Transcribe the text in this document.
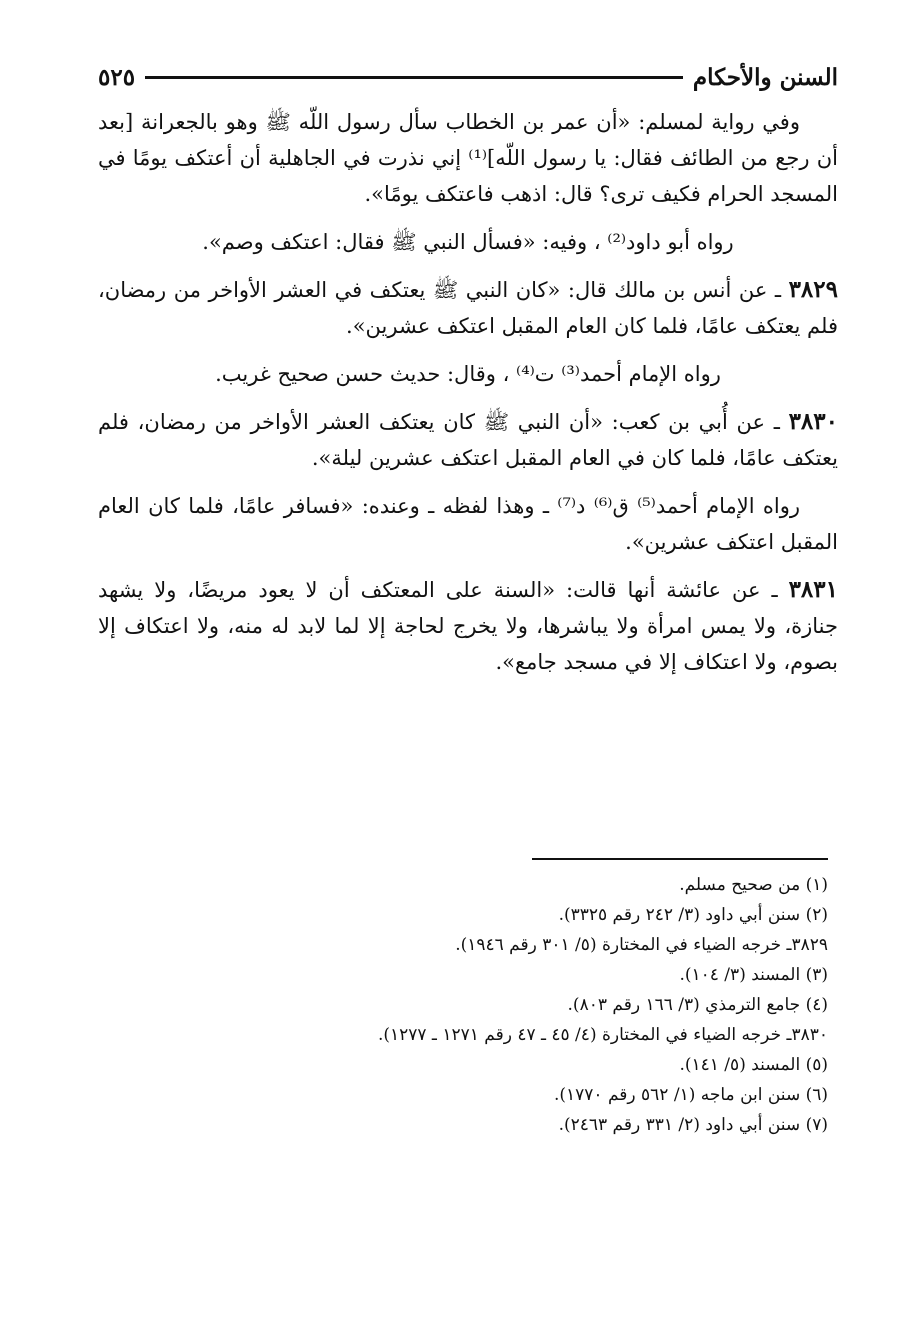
السنن والأحكام
٥٢٥

وفي رواية لمسلم: «أن عمر بن الخطاب سأل رسول اللّه ﷺ وهو بالجعرانة [بعد أن رجع من الطائف فقال: يا رسول اللّه]⁽¹⁾ إني نذرت في الجاهلية أن أعتكف يومًا في المسجد الحرام فكيف ترى؟ قال: اذهب فاعتكف يومًا».

رواه أبو داود⁽²⁾ ، وفيه: «فسأل النبي ﷺ فقال: اعتكف وصم».

٣٨٢٩ ـ عن أنس بن مالك قال: «كان النبي ﷺ يعتكف في العشر الأواخر من رمضان، فلم يعتكف عامًا، فلما كان العام المقبل اعتكف عشرين».

رواه الإمام أحمد⁽³⁾ ت⁽⁴⁾ ، وقال: حديث حسن صحيح غريب.

٣٨٣٠ ـ عن أُبي بن كعب: «أن النبي ﷺ كان يعتكف العشر الأواخر من رمضان، فلم يعتكف عامًا، فلما كان في العام المقبل اعتكف عشرين ليلة».

رواه الإمام أحمد⁽⁵⁾ ق⁽⁶⁾ د⁽⁷⁾ ـ وهذا لفظه ـ وعنده: «فسافر عامًا، فلما كان العام المقبل اعتكف عشرين».

٣٨٣١ ـ عن عائشة أنها قالت: «السنة على المعتكف أن لا يعود مريضًا، ولا يشهد جنازة، ولا يمس امرأة ولا يباشرها، ولا يخرج لحاجة إلا لما لابد له منه، ولا اعتكاف إلا بصوم، ولا اعتكاف إلا في مسجد جامع».

(١) من صحيح مسلم.
(٢) سنن أبي داود (٣/ ٢٤٢ رقم ٣٣٢٥).
٣٨٢٩ـ خرجه الضياء في المختارة (٥/ ٣٠١ رقم ١٩٤٦).
(٣) المسند (٣/ ١٠٤).
(٤) جامع الترمذي (٣/ ١٦٦ رقم ٨٠٣).
٣٨٣٠ـ خرجه الضياء في المختارة (٤/ ٤٥ ـ ٤٧ رقم ١٢٧١ ـ ١٢٧٧).
(٥) المسند (٥/ ١٤١).
(٦) سنن ابن ماجه (١/ ٥٦٢ رقم ١٧٧٠).
(٧) سنن أبي داود (٢/ ٣٣١ رقم ٢٤٦٣).
